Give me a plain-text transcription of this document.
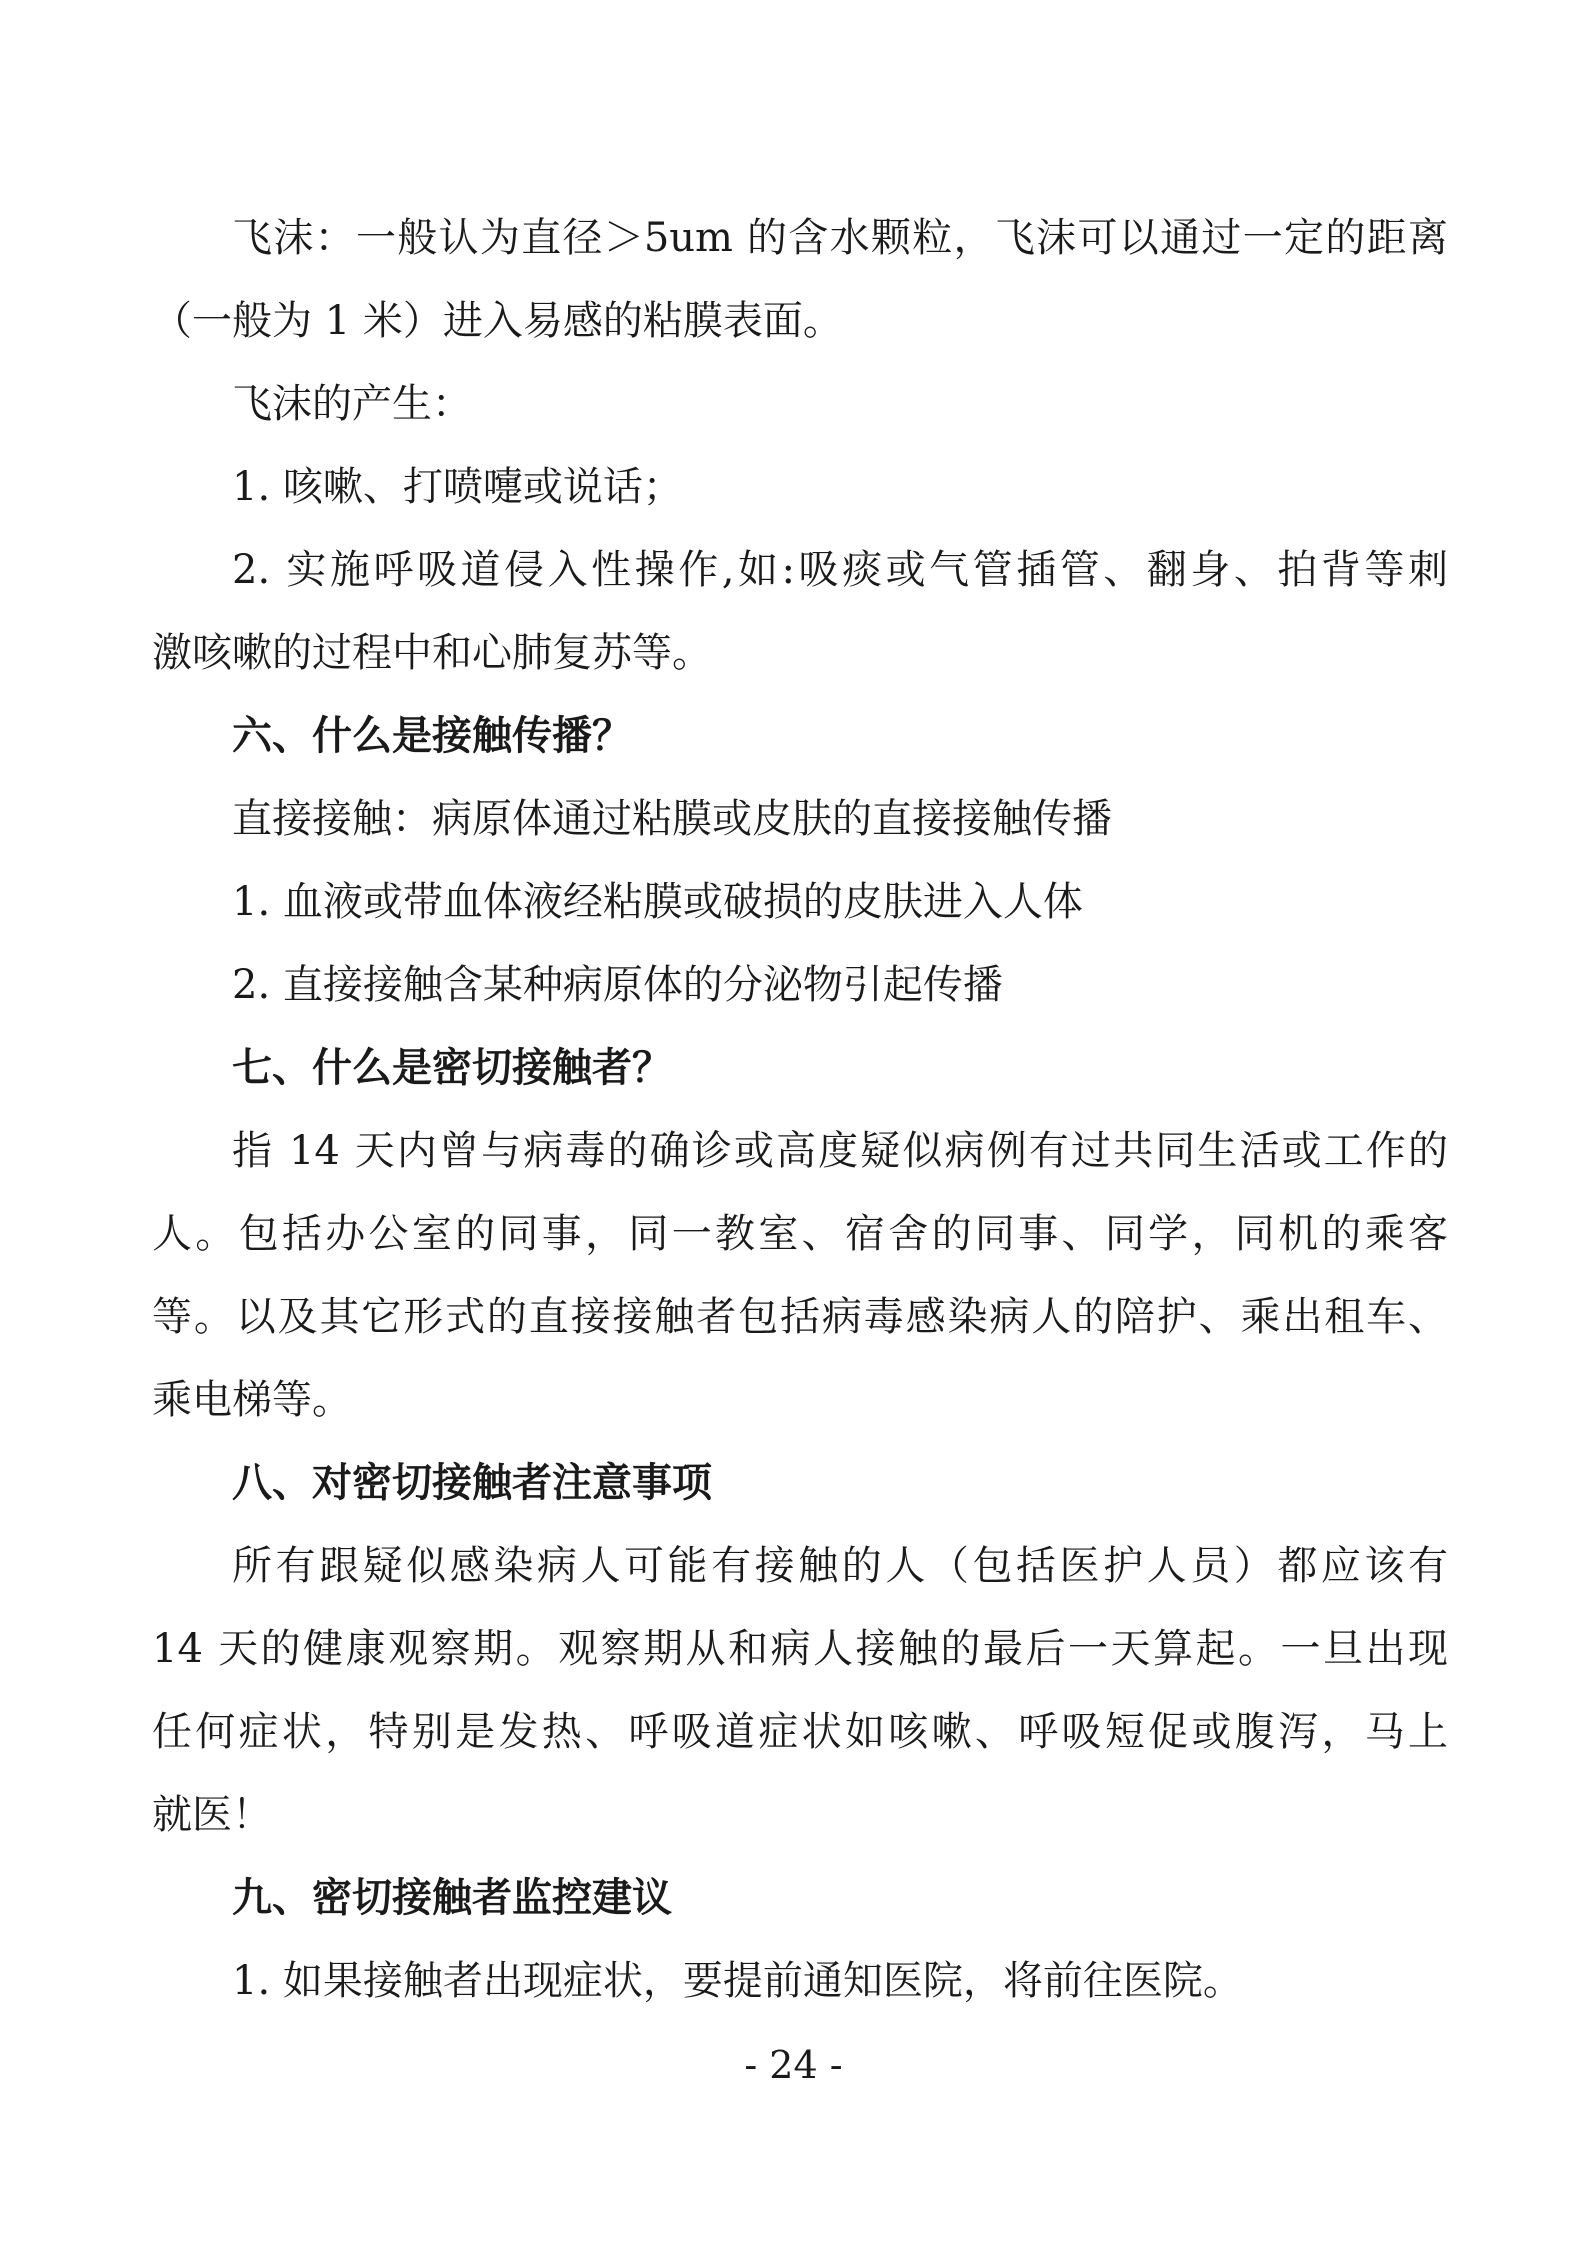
飞沫：一般认为直径＞5um 的含水颗粒，飞沫可以通过一定的距离
（一般为 1 米）进入易感的粘膜表面。
飞沫的产生：
1. 咳嗽、打喷嚏或说话；
2. 实施呼吸道侵入性操作,如:吸痰或气管插管、翻身、拍背等刺
激咳嗽的过程中和心肺复苏等。
六、什么是接触传播？
直接接触：病原体通过粘膜或皮肤的直接接触传播
1. 血液或带血体液经粘膜或破损的皮肤进入人体
2. 直接接触含某种病原体的分泌物引起传播
七、什么是密切接触者？
指 14 天内曾与病毒的确诊或高度疑似病例有过共同生活或工作的
人。包括办公室的同事，同一教室、宿舍的同事、同学，同机的乘客
等。以及其它形式的直接接触者包括病毒感染病人的陪护、乘出租车、
乘电梯等。
八、对密切接触者注意事项
所有跟疑似感染病人可能有接触的人（包括医护人员）都应该有
14 天的健康观察期。观察期从和病人接触的最后一天算起。一旦出现
任何症状，特别是发热、呼吸道症状如咳嗽、呼吸短促或腹泻，马上
就医！
九、密切接触者监控建议
1. 如果接触者出现症状，要提前通知医院，将前往医院。
- 24 -
